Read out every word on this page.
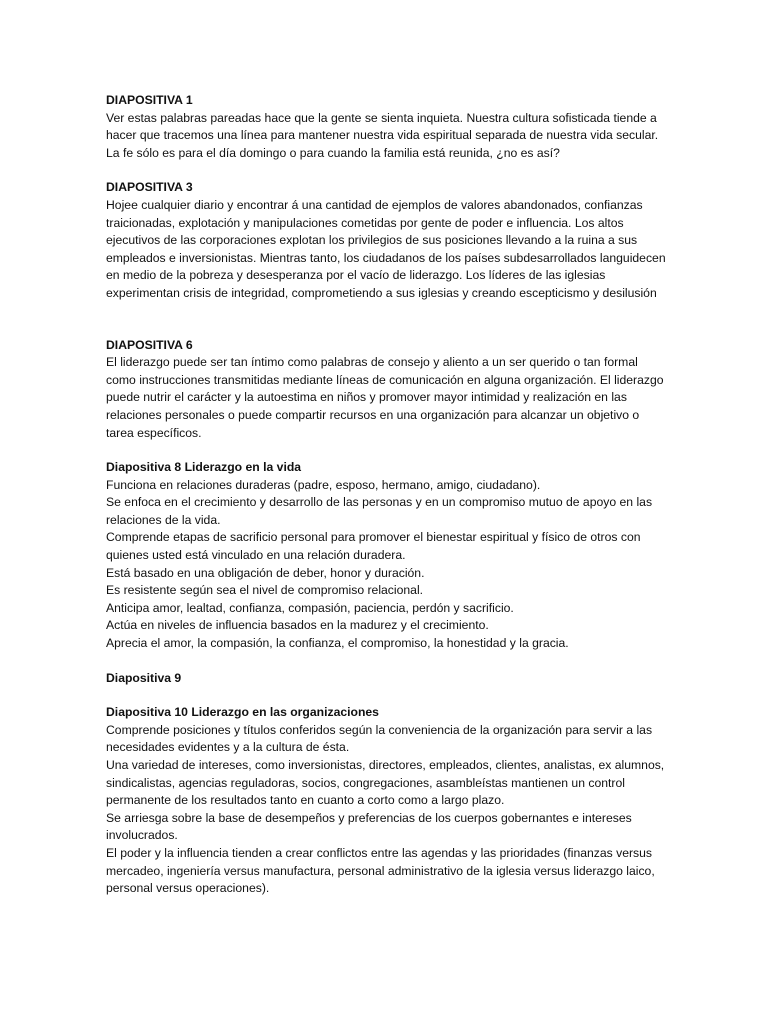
DIAPOSITIVA 1

Ver estas palabras pareadas hace que la gente se sienta inquieta. Nuestra cultura sofisticada tiende a hacer que tracemos una línea para mantener nuestra vida espiritual separada de nuestra vida secular. La fe sólo es para el día domingo o para cuando la familia está reunida, ¿no es así?

DIAPOSITIVA 3

Hojee cualquier diario y encontrar á una cantidad de ejemplos de valores abandonados, confianzas traicionadas, explotación y manipulaciones cometidas por gente de poder e influencia. Los altos ejecutivos de las corporaciones explotan los privilegios de sus posiciones llevando a la ruina a sus empleados e inversionistas. Mientras tanto, los ciudadanos de los países subdesarrollados languidecen en medio de la pobreza y desesperanza por el vacío de liderazgo. Los líderes de las iglesias experimentan crisis de integridad, comprometiendo a sus iglesias y creando escepticismo y desilusión

DIAPOSITIVA 6

El liderazgo puede ser tan íntimo como palabras de consejo y aliento a un ser querido o tan formal como instrucciones transmitidas mediante líneas de comunicación en alguna organización. El liderazgo puede nutrir el carácter y la autoestima en niños y promover mayor intimidad y realización en las relaciones personales o puede compartir recursos en una organización para alcanzar un objetivo o tarea específicos.

Diapositiva 8 Liderazgo en la vida

Funciona en relaciones duraderas (padre, esposo, hermano, amigo, ciudadano).

Se enfoca en el crecimiento y desarrollo de las personas y en un compromiso mutuo de apoyo en las relaciones de la vida.

Comprende etapas de sacrificio personal para promover el bienestar espiritual y físico de otros con quienes usted está vinculado en una relación duradera.

Está basado en una obligación de deber, honor y duración.

Es resistente según sea el nivel de compromiso relacional.

Anticipa amor, lealtad, confianza, compasión, paciencia, perdón y sacrificio.

Actúa en niveles de influencia basados en la madurez y el crecimiento.

Aprecia el amor, la compasión, la confianza, el compromiso, la honestidad y la gracia.

Diapositiva 9

Diapositiva 10 Liderazgo en las organizaciones

Comprende posiciones y títulos conferidos según la conveniencia de la organización para servir a las necesidades evidentes y a la cultura de ésta.

Una variedad de intereses, como inversionistas, directores, empleados, clientes, analistas, ex alumnos, sindicalistas, agencias reguladoras, socios, congregaciones, asambleístas mantienen un control permanente de los resultados tanto en cuanto a corto como a largo plazo.

Se arriesga sobre la base de desempeños y preferencias de los cuerpos gobernantes e intereses involucrados.

El poder y la influencia tienden a crear conflictos entre las agendas y las prioridades (finanzas versus mercadeo, ingeniería versus manufactura, personal administrativo de la iglesia versus liderazgo laico, personal versus operaciones).
